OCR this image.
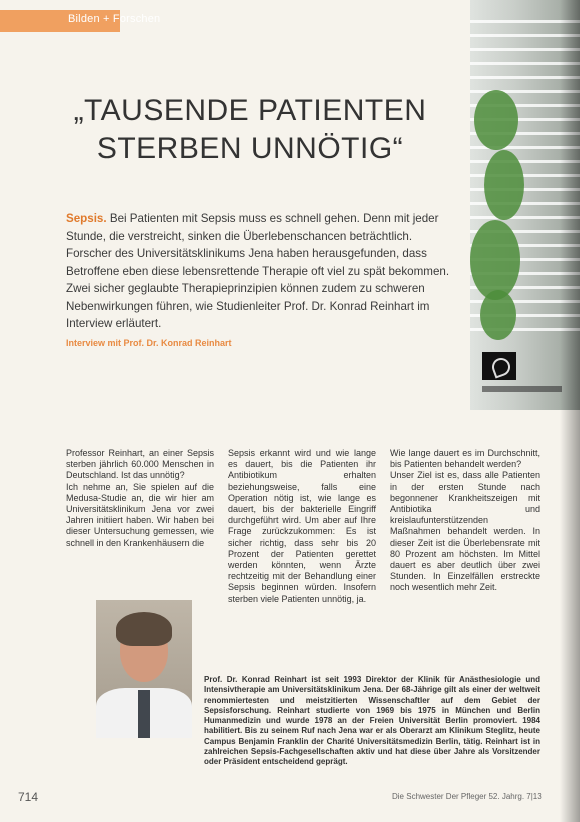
Bilden + Forschen
„TAUSENDE PATIENTEN
STERBEN UNNÖTIG“
Sepsis. Bei Patienten mit Sepsis muss es schnell gehen. Denn mit jeder Stunde, die verstreicht, sinken die Überlebenschancen beträchtlich. Forscher des Universitätsklinikums Jena haben herausgefunden, dass Betroffene eben diese lebensrettende Therapie oft viel zu spät bekommen. Zwei sicher geglaubte Therapieprinzipien können zudem zu schweren Nebenwirkungen führen, wie Studienleiter Prof. Dr. Konrad Reinhart im Interview erläutert.
Interview mit Prof. Dr. Konrad Reinhart

Professor Reinhart, an einer Sepsis sterben jährlich 60.000 Menschen in Deutschland. Ist das unnötig?

Ich nehme an, Sie spielen auf die Medusa-Studie an, die wir hier am Universitätsklinikum Jena vor zwei Jahren initiiert haben. Wir haben bei dieser Untersuchung gemessen, wie schnell in den Krankenhäusern die

Sepsis erkannt wird und wie lange es dauert, bis die Patienten ihr Antibiotikum erhalten beziehungsweise, falls eine Operation nötig ist, wie lange es dauert, bis der bakterielle Eingriff durchgeführt wird. Um aber auf Ihre Frage zurückzukommen: Es ist sicher richtig, dass sehr bis 20 Prozent der Patienten gerettet werden könnten, wenn Ärzte rechtzeitig mit der Behandlung einer Sepsis beginnen würden. Insofern sterben viele Patienten unnötig, ja.

Wie lange dauert es im Durchschnitt, bis Patienten behandelt werden?

Unser Ziel ist es, dass alle Patienten in der ersten Stunde nach begonnener Krankheitszeigen mit Antibiotika und kreislaufunterstützenden Maßnahmen behandelt werden. In dieser Zeit ist die Überlebensrate mit 80 Prozent am höchsten. Im Mittel dauert es aber deutlich über zwei Stunden. In Einzelfällen erstreckte noch wesentlich mehr Zeit.

Prof. Dr. Konrad Reinhart ist seit 1993 Direktor der Klinik für Anästhesiologie und Intensivtherapie am Universitätsklinikum Jena. Der 68-Jährige gilt als einer der weltweit renommiertesten und meistzitierten Wissenschaftler auf dem Gebiet der Sepsisforschung. Reinhart studierte von 1969 bis 1975 in München und Berlin Humanmedizin und wurde 1978 an der Freien Universität Berlin promoviert. 1984 habilitiert. Bis zu seinem Ruf nach Jena war er als Oberarzt am Klinikum Steglitz, heute Campus Benjamin Franklin der Charité Universitätsmedizin Berlin, tätig. Reinhart ist in zahlreichen Sepsis-Fachgesellschaften aktiv und hat diese über Jahre als Vorsitzender oder Präsident entscheidend geprägt.
714	Die Schwester Der Pfleger 52. Jahrg. 7|13
